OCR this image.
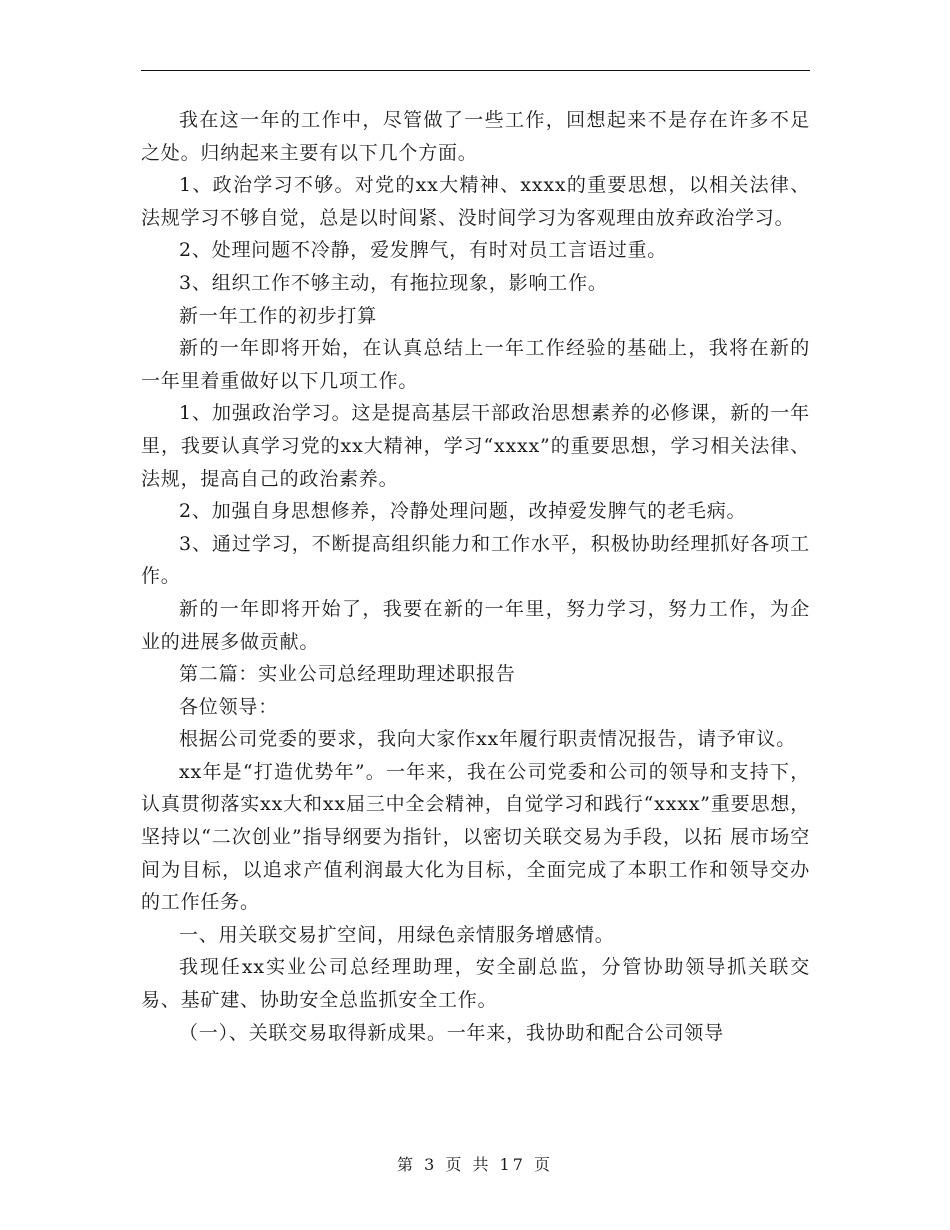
我在这一年的工作中，尽管做了一些工作，回想起来不是存在许多不足之处。归纳起来主要有以下几个方面。

1、政治学习不够。对党的xx大精神、xxxx的重要思想，以相关法律、法规学习不够自觉，总是以时间紧、没时间学习为客观理由放弃政治学习。

2、处理问题不冷静，爱发脾气，有时对员工言语过重。

3、组织工作不够主动，有拖拉现象，影响工作。

新一年工作的初步打算

新的一年即将开始，在认真总结上一年工作经验的基础上，我将在新的一年里着重做好以下几项工作。

1、加强政治学习。这是提高基层干部政治思想素养的必修课，新的一年里，我要认真学习党的xx大精神，学习“xxxx”的重要思想，学习相关法律、法规，提高自己的政治素养。

2、加强自身思想修养，冷静处理问题，改掉爱发脾气的老毛病。

3、通过学习，不断提高组织能力和工作水平，积极协助经理抓好各项工作。

新的一年即将开始了，我要在新的一年里，努力学习，努力工作，为企业的进展多做贡献。

第二篇：实业公司总经理助理述职报告

各位领导：

根据公司党委的要求，我向大家作xx年履行职责情况报告，请予审议。

xx年是“打造优势年”。一年来，我在公司党委和公司的领导和支持下，认真贯彻落实xx大和xx届三中全会精神，自觉学习和践行“xxxx”重要思想，坚持以“二次创业”指导纲要为指针，以密切关联交易为手段，以拓 展市场空间为目标，以追求产值利润最大化为目标，全面完成了本职工作和领导交办的工作任务。

一、用关联交易扩空间，用绿色亲情服务增感情。

我现任xx实业公司总经理助理，安全副总监，分管协助领导抓关联交易、基矿建、协助安全总监抓安全工作。

（一）、关联交易取得新成果。一年来，我协助和配合公司领导

第 3 页 共 17 页
